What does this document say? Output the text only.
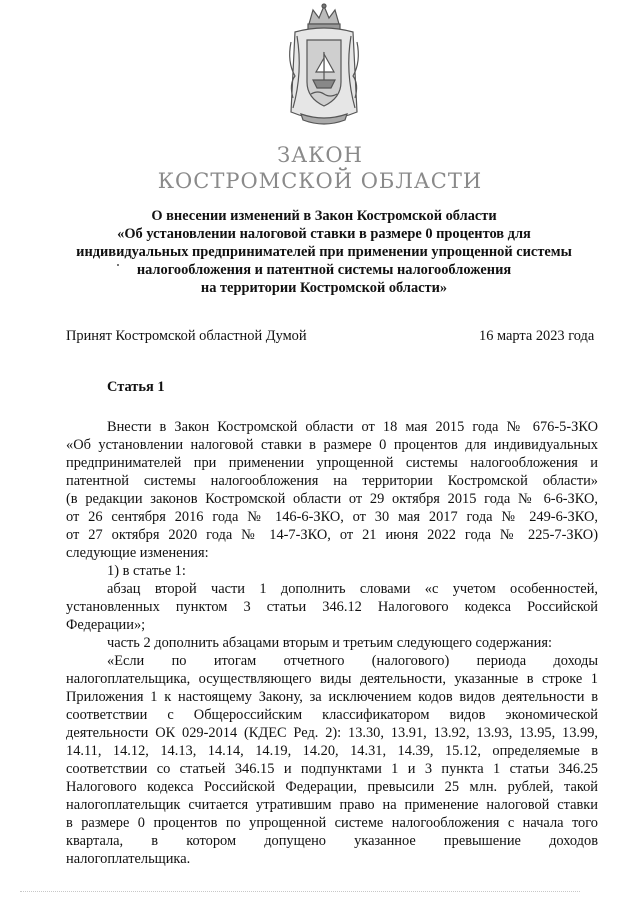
ЗАКОН
КОСТРОМСКОЙ ОБЛАСТИ
О внесении изменений в Закон Костромской области
«Об установлении налоговой ставки в размере 0 процентов для
индивидуальных предпринимателей при применении упрощенной системы
налогообложения и патентной системы налогообложения
на территории Костромской области»
Принят Костромской областной Думой	16 марта 2023 года
Статья 1
Внести в Закон Костромской области от 18 мая 2015 года № 676-5-ЗКО
«Об установлении налоговой ставки в размере 0 процентов для индивидуальных
предпринимателей при применении упрощенной системы налогообложения и
патентной системы налогообложения на территории Костромской области»
(в редакции законов Костромской области от 29 октября 2015 года № 6-6-ЗКО,
от 26 сентября 2016 года № 146-6-ЗКО, от 30 мая 2017 года № 249-6-ЗКО,
от 27 октября 2020 года № 14-7-ЗКО, от 21 июня 2022 года № 225-7-ЗКО)
следующие изменения:
1) в статье 1:
абзац второй части 1 дополнить словами «с учетом особенностей,
установленных пунктом 3 статьи 346.12 Налогового кодекса Российской
Федерации»;
часть 2 дополнить абзацами вторым и третьим следующего содержания:
«Если по итогам отчетного (налогового) периода доходы
налогоплательщика, осуществляющего виды деятельности, указанные в строке 1
Приложения 1 к настоящему Закону, за исключением кодов видов деятельности в
соответствии с Общероссийским классификатором видов экономической
деятельности ОК 029-2014 (КДЕС Ред. 2): 13.30, 13.91, 13.92, 13.93, 13.95, 13.99,
14.11, 14.12, 14.13, 14.14, 14.19, 14.20, 14.31, 14.39, 15.12, определяемые в
соответствии со статьей 346.15 и подпунктами 1 и 3 пункта 1 статьи 346.25
Налогового кодекса Российской Федерации, превысили 25 млн. рублей, такой
налогоплательщик считается утратившим право на применение налоговой ставки
в размере 0 процентов по упрощенной системе налогообложения с начала того
квартала, в котором допущено указанное превышение доходов
налогоплательщика.
